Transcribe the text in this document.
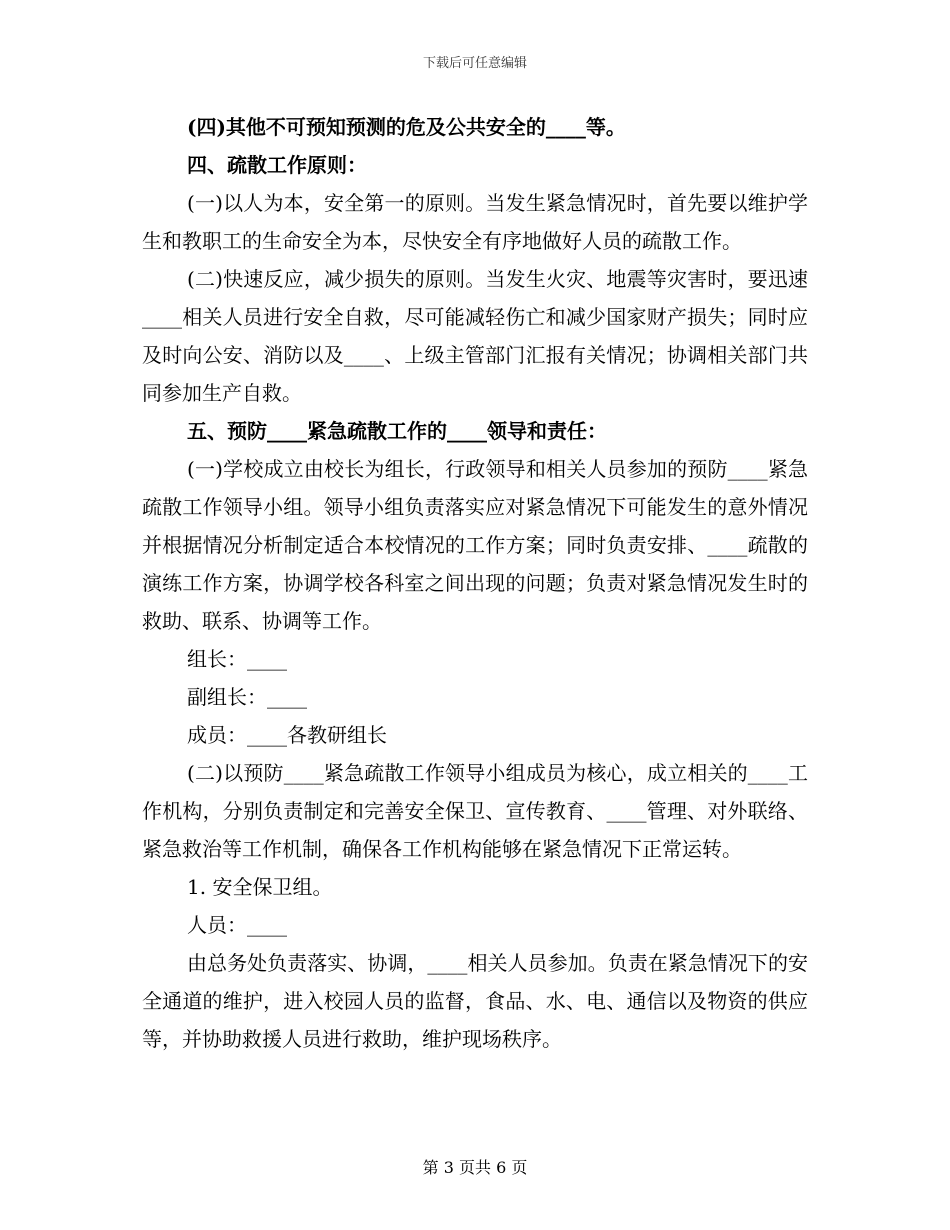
下载后可任意编辑

(四)其他不可预知预测的危及公共安全的____等。

四、疏散工作原则：

(一)以人为本，安全第一的原则。当发生紧急情况时，首先要以维护学生和教职工的生命安全为本，尽快安全有序地做好人员的疏散工作。

(二)快速反应，减少损失的原则。当发生火灾、地震等灾害时，要迅速____相关人员进行安全自救，尽可能减轻伤亡和减少国家财产损失；同时应及时向公安、消防以及____、上级主管部门汇报有关情况；协调相关部门共同参加生产自救。

五、预防____紧急疏散工作的____领导和责任：

(一)学校成立由校长为组长，行政领导和相关人员参加的预防____紧急疏散工作领导小组。领导小组负责落实应对紧急情况下可能发生的意外情况并根据情况分析制定适合本校情况的工作方案；同时负责安排、____疏散的演练工作方案，协调学校各科室之间出现的问题；负责对紧急情况发生时的救助、联系、协调等工作。

组长：____

副组长：____

成员：____各教研组长

(二)以预防____紧急疏散工作领导小组成员为核心，成立相关的____工作机构，分别负责制定和完善安全保卫、宣传教育、____管理、对外联络、紧急救治等工作机制，确保各工作机构能够在紧急情况下正常运转。

1. 安全保卫组。

人员：____

由总务处负责落实、协调，____相关人员参加。负责在紧急情况下的安全通道的维护，进入校园人员的监督，食品、水、电、通信以及物资的供应等，并协助救援人员进行救助，维护现场秩序。

第 3 页共 6 页
